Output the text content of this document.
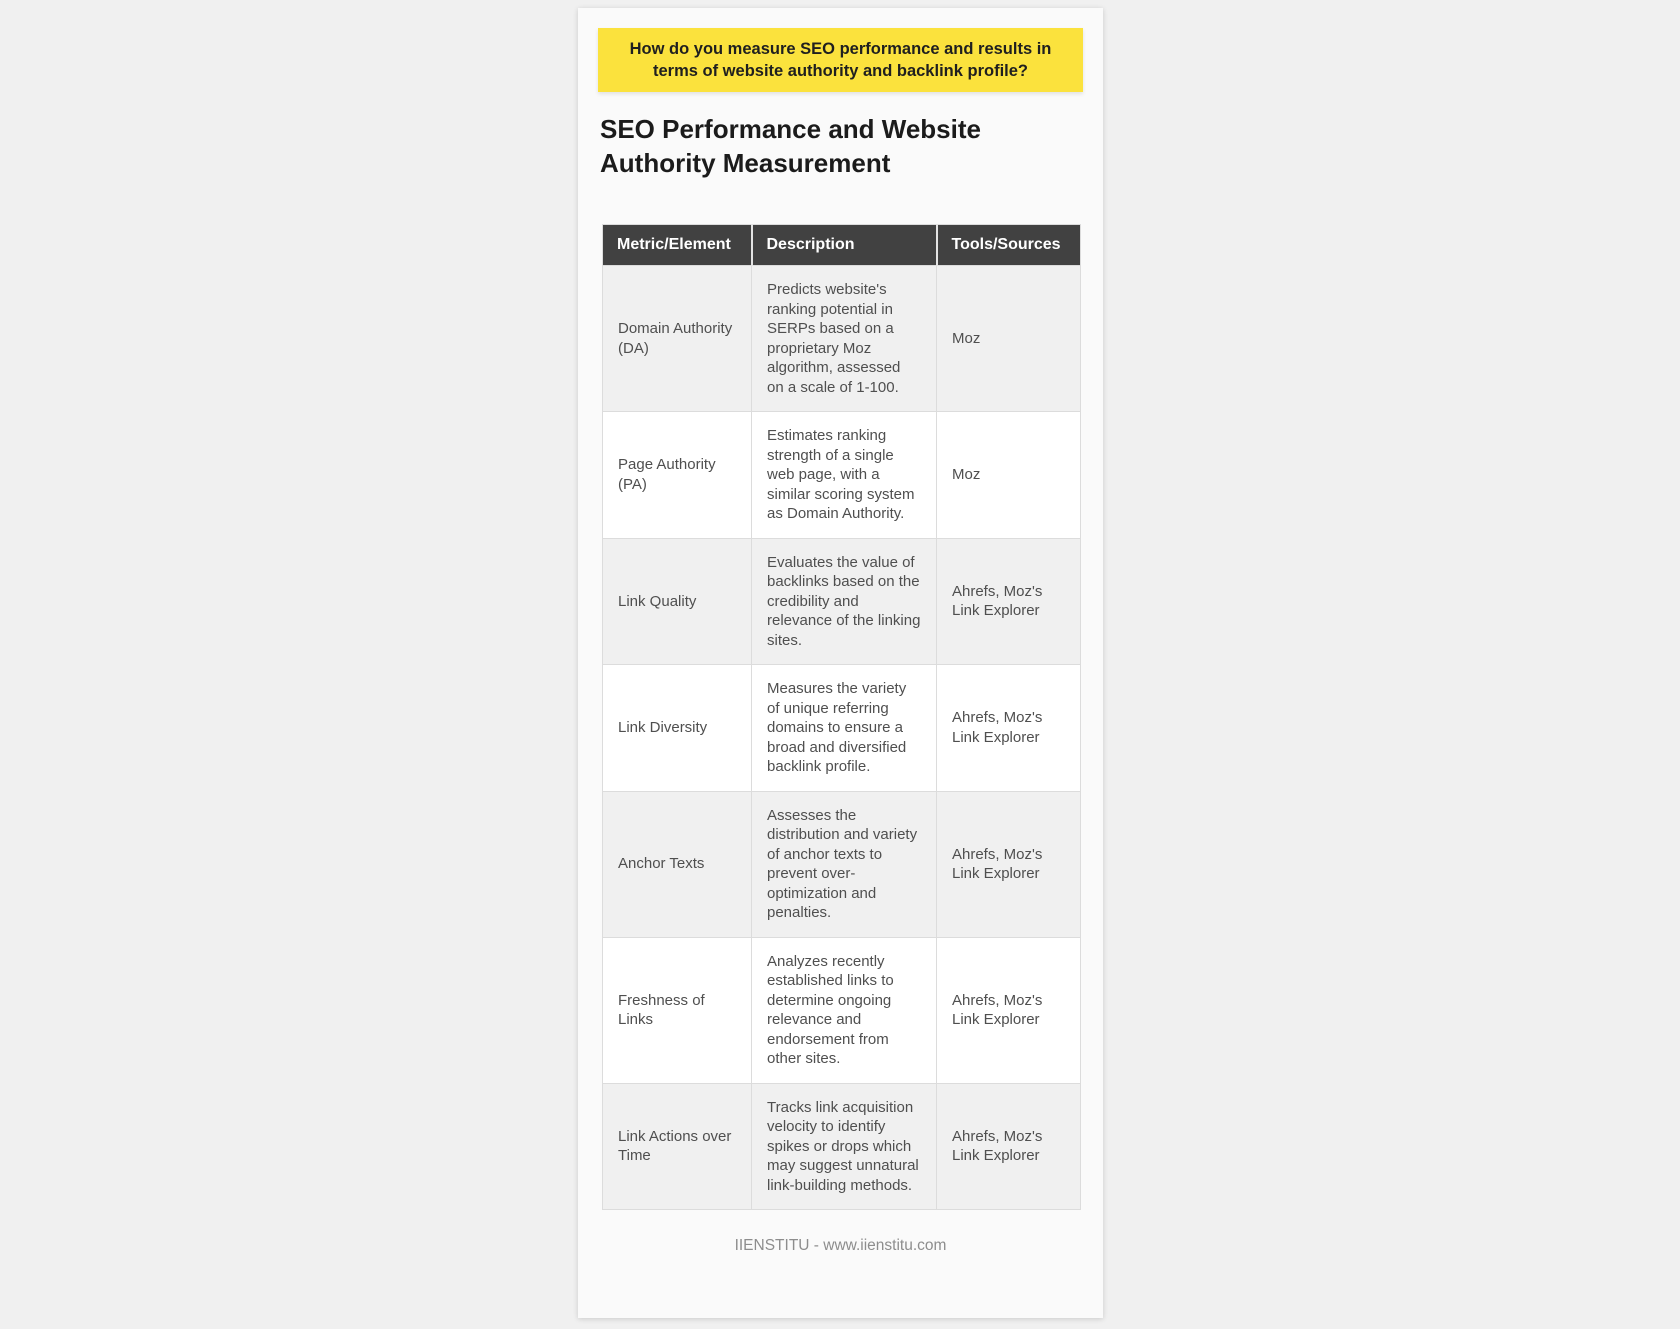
How do you measure SEO performance and results in terms of website authority and backlink profile?
SEO Performance and Website Authority Measurement
Metric/Element	Description	Tools/Sources
Domain Authority (DA)	Predicts website's ranking potential in SERPs based on a proprietary Moz algorithm, assessed on a scale of 1-100.	Moz
Page Authority (PA)	Estimates ranking strength of a single web page, with a similar scoring system as Domain Authority.	Moz
Link Quality	Evaluates the value of backlinks based on the credibility and relevance of the linking sites.	Ahrefs, Moz's Link Explorer
Link Diversity	Measures the variety of unique referring domains to ensure a broad and diversified backlink profile.	Ahrefs, Moz's Link Explorer
Anchor Texts	Assesses the distribution and variety of anchor texts to prevent over-optimization and penalties.	Ahrefs, Moz's Link Explorer
Freshness of Links	Analyzes recently established links to determine ongoing relevance and endorsement from other sites.	Ahrefs, Moz's Link Explorer
Link Actions over Time	Tracks link acquisition velocity to identify spikes or drops which may suggest unnatural link-building methods.	Ahrefs, Moz's Link Explorer
IIENSTITU - www.iienstitu.com
